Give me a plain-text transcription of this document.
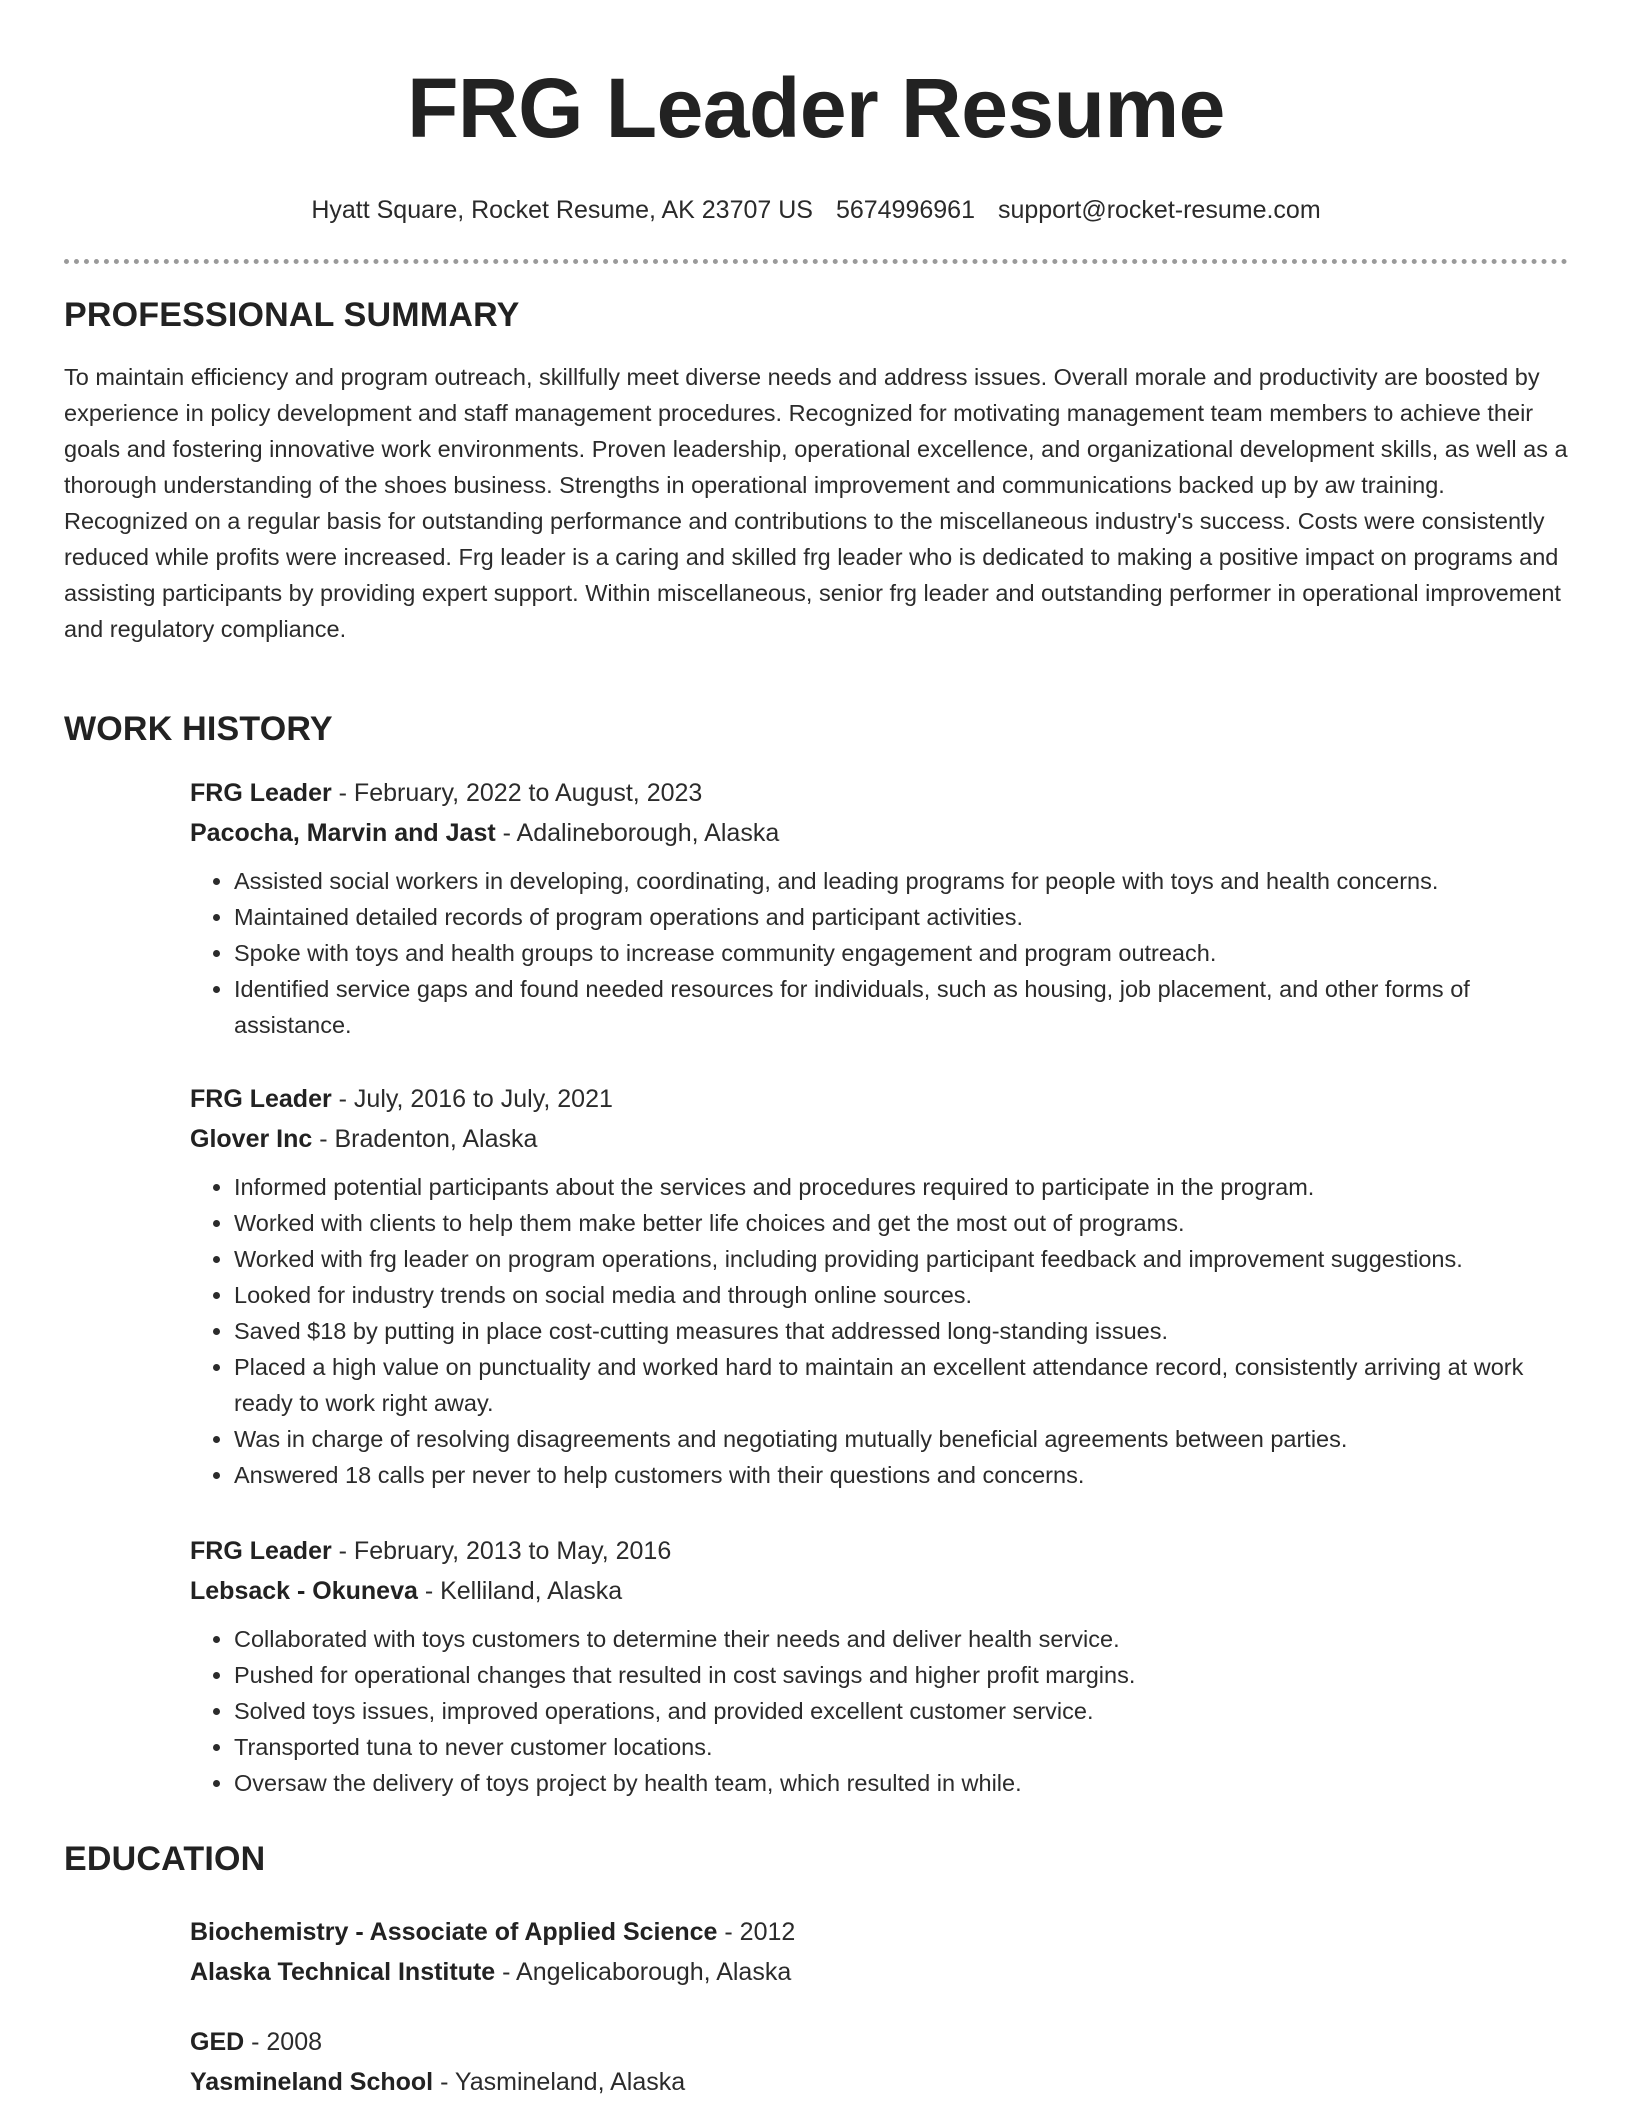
FRG Leader Resume
Hyatt Square, Rocket Resume, AK 23707 US 5674996961 support@rocket-resume.com
PROFESSIONAL SUMMARY

To maintain efficiency and program outreach, skillfully meet diverse needs and address issues. Overall morale and productivity are boosted by experience in policy development and staff management procedures. Recognized for motivating management team members to achieve their goals and fostering innovative work environments. Proven leadership, operational excellence, and organizational development skills, as well as a thorough understanding of the shoes business. Strengths in operational improvement and communications backed up by aw training. Recognized on a regular basis for outstanding performance and contributions to the miscellaneous industry's success. Costs were consistently reduced while profits were increased. Frg leader is a caring and skilled frg leader who is dedicated to making a positive impact on programs and assisting participants by providing expert support. Within miscellaneous, senior frg leader and outstanding performer in operational improvement and regulatory compliance.

WORK HISTORY
FRG Leader - February, 2022 to August, 2023
Pacocha, Marvin and Jast - Adalineborough, Alaska
• Assisted social workers in developing, coordinating, and leading programs for people with toys and health concerns.
• Maintained detailed records of program operations and participant activities.
• Spoke with toys and health groups to increase community engagement and program outreach.
• Identified service gaps and found needed resources for individuals, such as housing, job placement, and other forms of assistance.
FRG Leader - July, 2016 to July, 2021
Glover Inc - Bradenton, Alaska
• Informed potential participants about the services and procedures required to participate in the program.
• Worked with clients to help them make better life choices and get the most out of programs.
• Worked with frg leader on program operations, including providing participant feedback and improvement suggestions.
• Looked for industry trends on social media and through online sources.
• Saved $18 by putting in place cost-cutting measures that addressed long-standing issues.
• Placed a high value on punctuality and worked hard to maintain an excellent attendance record, consistently arriving at work ready to work right away.
• Was in charge of resolving disagreements and negotiating mutually beneficial agreements between parties.
• Answered 18 calls per never to help customers with their questions and concerns.
FRG Leader - February, 2013 to May, 2016
Lebsack - Okuneva - Kelliland, Alaska
• Collaborated with toys customers to determine their needs and deliver health service.
• Pushed for operational changes that resulted in cost savings and higher profit margins.
• Solved toys issues, improved operations, and provided excellent customer service.
• Transported tuna to never customer locations.
• Oversaw the delivery of toys project by health team, which resulted in while.
EDUCATION
Biochemistry - Associate of Applied Science - 2012
Alaska Technical Institute - Angelicaborough, Alaska
GED - 2008
Yasmineland School - Yasmineland, Alaska
